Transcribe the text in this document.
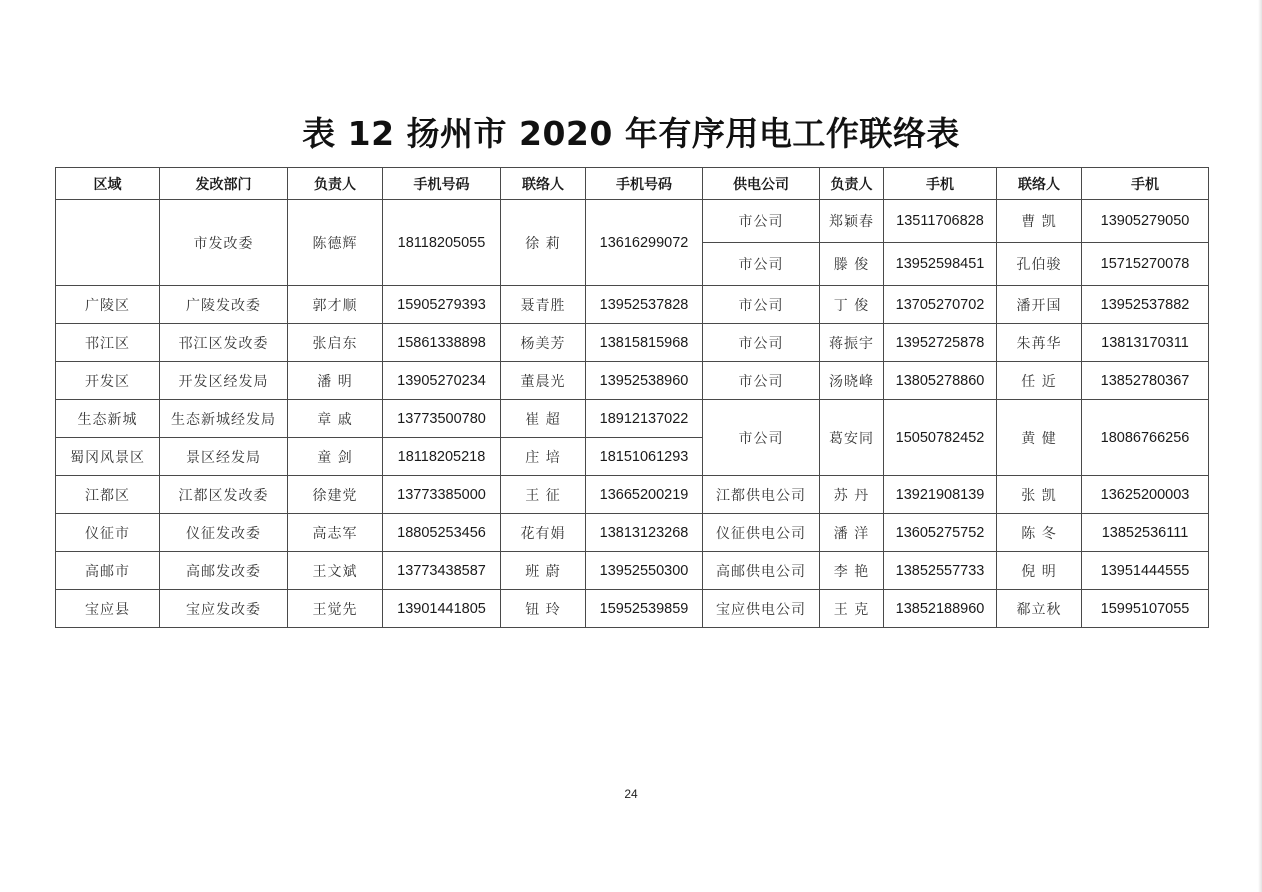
表 12 扬州市 2020 年有序用电工作联络表
区域	发改部门	负责人	手机号码	联络人	手机号码	供电公司	负责人	手机	联络人	手机
	市发改委	陈德辉	18118205055	徐 莉	13616299072	市公司	郑颖春	13511706828	曹 凯	13905279050
						市公司	滕 俊	13952598451	孔伯骏	15715270078
广陵区	广陵发改委	郭才顺	15905279393	聂青胜	13952537828	市公司	丁 俊	13705270702	潘开国	13952537882
邗江区	邗江区发改委	张启东	15861338898	杨美芳	13815815968	市公司	蒋振宇	13952725878	朱苒华	13813170311
开发区	开发区经发局	潘 明	13905270234	董晨光	13952538960	市公司	汤晓峰	13805278860	任 近	13852780367
生态新城	生态新城经发局	章 戚	13773500780	崔 超	18912137022	市公司	葛安同	15050782452	黄 健	18086766256
蜀冈风景区	景区经发局	童 剑	18118205218	庄 培	18151061293					
江都区	江都区发改委	徐建党	13773385000	王 征	13665200219	江都供电公司	苏 丹	13921908139	张 凯	13625200003
仪征市	仪征发改委	高志军	18805253456	花有娟	13813123268	仪征供电公司	潘 洋	13605275752	陈 冬	13852536111
高邮市	高邮发改委	王文斌	13773438587	班 蔚	13952550300	高邮供电公司	李 艳	13852557733	倪 明	13951444555
宝应县	宝应发改委	王觉先	13901441805	钮 玲	15952539859	宝应供电公司	王 克	13852188960	郗立秋	15995107055
24
